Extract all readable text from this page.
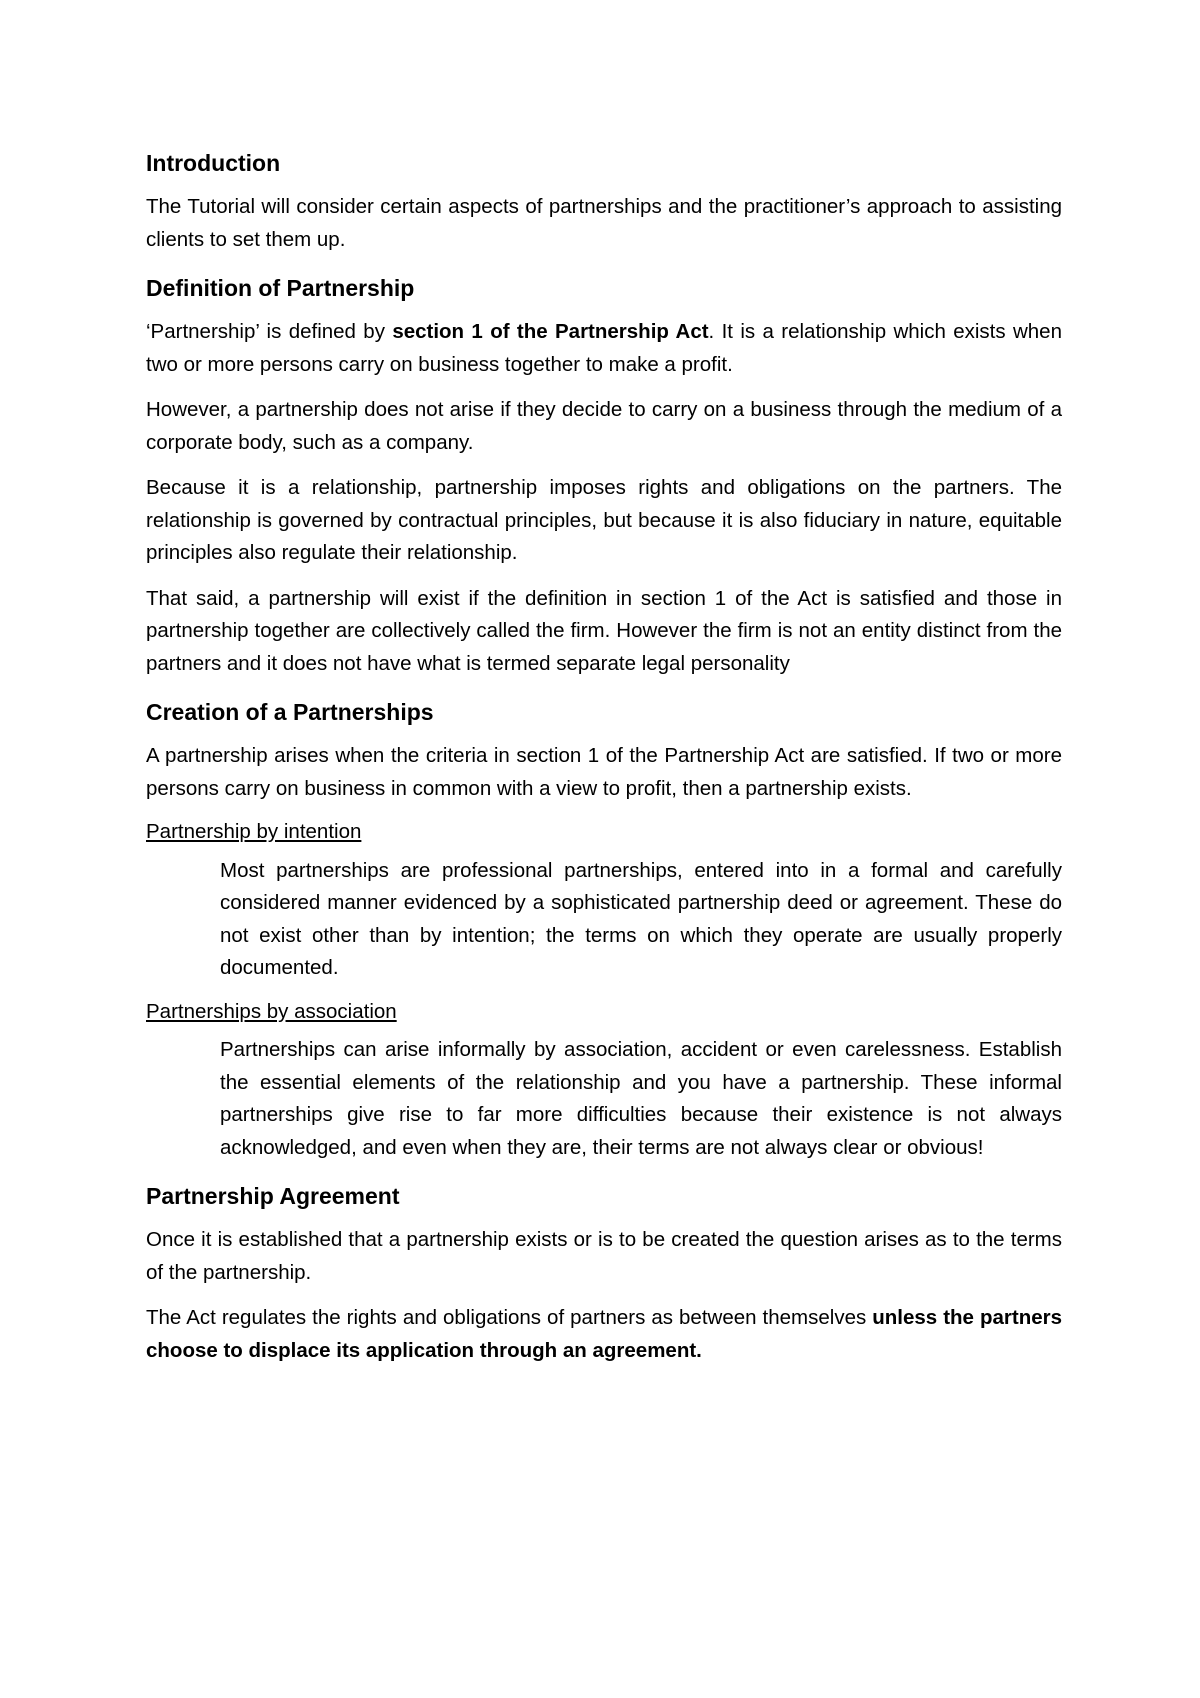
Introduction

The Tutorial will consider certain aspects of partnerships and the practitioner’s approach to assisting clients to set them up.

Definition of Partnership

‘Partnership’ is defined by section 1 of the Partnership Act. It is a relationship which exists when two or more persons carry on business together to make a profit.

However, a partnership does not arise if they decide to carry on a business through the medium of a corporate body, such as a company.

Because it is a relationship, partnership imposes rights and obligations on the partners. The relationship is governed by contractual principles, but because it is also fiduciary in nature, equitable principles also regulate their relationship.

That said, a partnership will exist if the definition in section 1 of the Act is satisfied and those in partnership together are collectively called the firm. However the firm is not an entity distinct from the partners and it does not have what is termed separate legal personality

Creation of a Partnerships

A partnership arises when the criteria in section 1 of the Partnership Act are satisfied. If two or more persons carry on business in common with a view to profit, then a partnership exists.

Partnership by intention

Most partnerships are professional partnerships, entered into in a formal and carefully considered manner evidenced by a sophisticated partnership deed or agreement. These do not exist other than by intention; the terms on which they operate are usually properly documented.

Partnerships by association

Partnerships can arise informally by association, accident or even carelessness. Establish the essential elements of the relationship and you have a partnership. These informal partnerships give rise to far more difficulties because their existence is not always acknowledged, and even when they are, their terms are not always clear or obvious!

Partnership Agreement

Once it is established that a partnership exists or is to be created the question arises as to the terms of the partnership.

The Act regulates the rights and obligations of partners as between themselves unless the partners choose to displace its application through an agreement.
